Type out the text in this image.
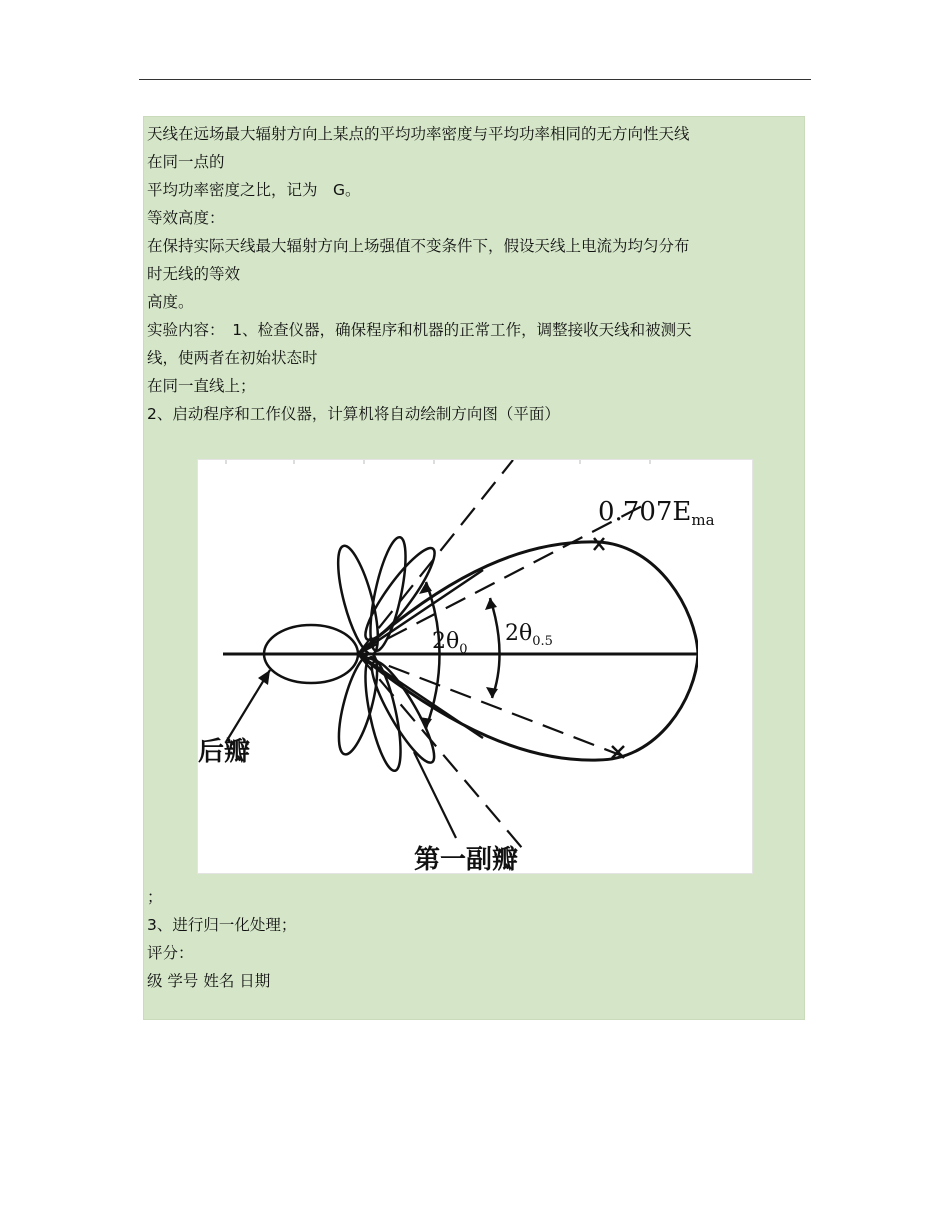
天线在远场最大辐射方向上某点的平均功率密度与平均功率相同的无方向性天线
在同一点的
平均功率密度之比，记为　G。
等效高度：
在保持实际天线最大辐射方向上场强值不变条件下，假设天线上电流为均匀分布
时无线的等效
高度。
实验内容：　1、检查仪器，确保程序和机器的正常工作，调整接收天线和被测天
线，使两者在初始状态时
在同一直线上；
2、启动程序和工作仪器，计算机将自动绘制方向图（平面）
0.707Ema
$2\theta_0$
$2\theta_{0.5}$
后瓣
第一副瓣
；
3、进行归一化处理；
评分：
级 学号 姓名 日期
